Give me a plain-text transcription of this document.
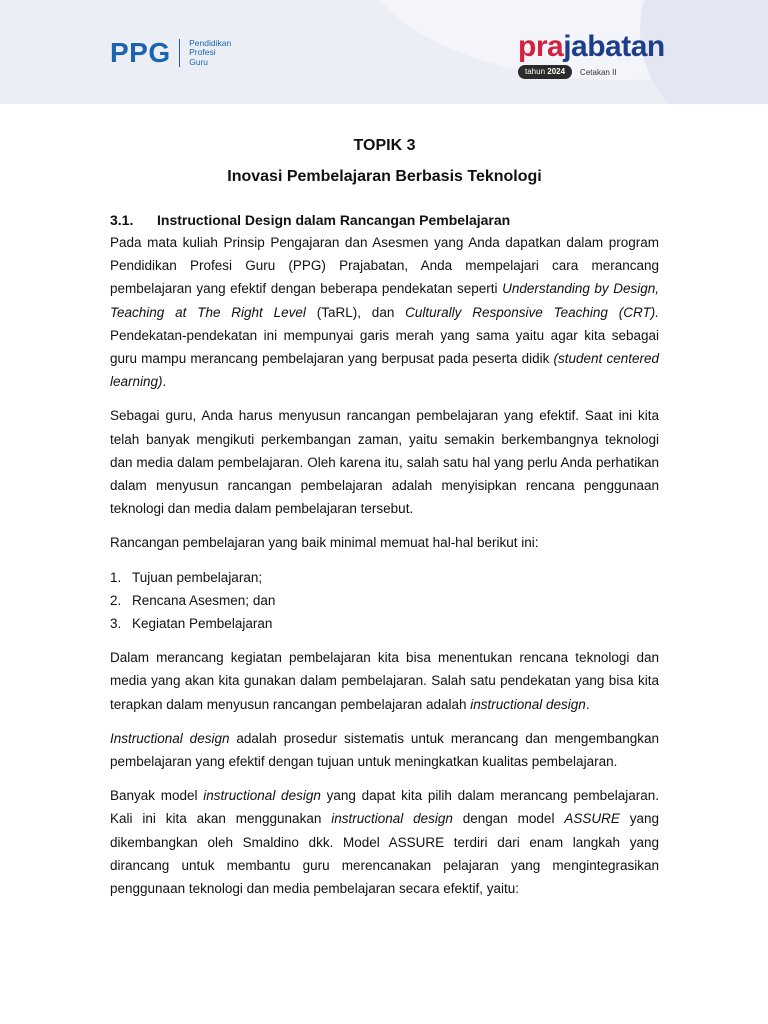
PPG Pendidikan
Profesi
Guru	prajabatan
tahun 2024	Cetakan II
TOPIK 3
Inovasi Pembelajaran Berbasis Teknologi
3.1.	Instructional Design dalam Rancangan Pembelajaran

Pada mata kuliah Prinsip Pengajaran dan Asesmen yang Anda dapatkan dalam program Pendidikan Profesi Guru (PPG) Prajabatan, Anda mempelajari cara merancang pembelajaran yang efektif dengan beberapa pendekatan seperti Understanding by Design, Teaching at The Right Level (TaRL), dan Culturally Responsive Teaching (CRT). Pendekatan-pendekatan ini mempunyai garis merah yang sama yaitu agar kita sebagai guru mampu merancang pembelajaran yang berpusat pada peserta didik (student centered learning).

Sebagai guru, Anda harus menyusun rancangan pembelajaran yang efektif. Saat ini kita telah banyak mengikuti perkembangan zaman, yaitu semakin berkembangnya teknologi dan media dalam pembelajaran. Oleh karena itu, salah satu hal yang perlu Anda perhatikan dalam menyusun rancangan pembelajaran adalah menyisipkan rencana penggunaan teknologi dan media dalam pembelajaran tersebut.

Rancangan pembelajaran yang baik minimal memuat hal-hal berikut ini:

1. Tujuan pembelajaran;
2. Rencana Asesmen; dan
3. Kegiatan Pembelajaran

Dalam merancang kegiatan pembelajaran kita bisa menentukan rencana teknologi dan media yang akan kita gunakan dalam pembelajaran. Salah satu pendekatan yang bisa kita terapkan dalam menyusun rancangan pembelajaran adalah instructional design.

Instructional design adalah prosedur sistematis untuk merancang dan mengembangkan pembelajaran yang efektif dengan tujuan untuk meningkatkan kualitas pembelajaran.

Banyak model instructional design yang dapat kita pilih dalam merancang pembelajaran. Kali ini kita akan menggunakan instructional design dengan model ASSURE yang dikembangkan oleh Smaldino dkk. Model ASSURE terdiri dari enam langkah yang dirancang untuk membantu guru merencanakan pelajaran yang mengintegrasikan penggunaan teknologi dan media pembelajaran secara efektif, yaitu:
